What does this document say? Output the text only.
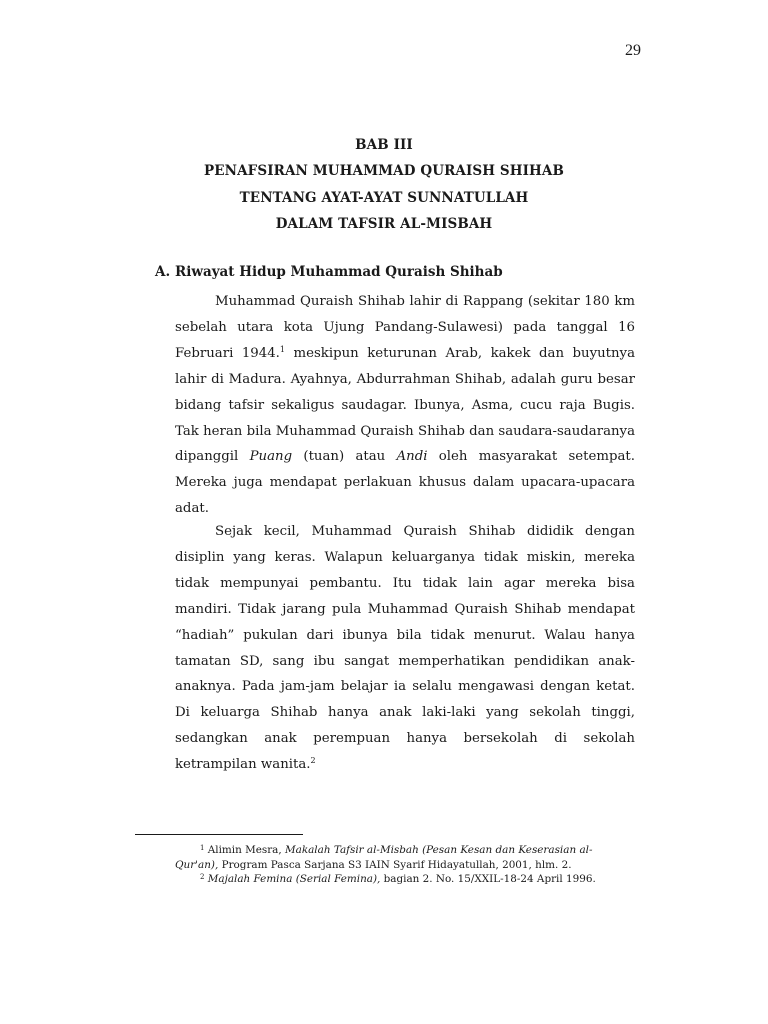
29
BAB III
PENAFSIRAN MUHAMMAD QURAISH SHIHAB
TENTANG AYAT-AYAT SUNNATULLAH
DALAM TAFSIR AL-MISBAH
A. Riwayat Hidup Muhammad Quraish Shihab

Muhammad Quraish Shihab lahir di Rappang (sekitar 180 km sebelah utara kota Ujung Pandang-Sulawesi) pada tanggal 16 Februari 1944.$^1$ meskipun keturunan Arab, kakek dan buyutnya lahir di Madura. Ayahnya, Abdurrahman Shihab, adalah guru besar bidang tafsir sekaligus saudagar. Ibunya, Asma, cucu raja Bugis. Tak heran bila Muhammad Quraish Shihab dan saudara-saudaranya dipanggil Puang (tuan) atau Andi oleh masyarakat setempat. Mereka juga mendapat perlakuan khusus dalam upacara-upacara adat.

Sejak kecil, Muhammad Quraish Shihab dididik dengan disiplin yang keras. Walapun keluarganya tidak miskin, mereka tidak mempunyai pembantu. Itu tidak lain agar mereka bisa mandiri. Tidak jarang pula Muhammad Quraish Shihab mendapat “hadiah” pukulan dari ibunya bila tidak menurut. Walau hanya tamatan SD, sang ibu sangat memperhatikan pendidikan anak-anaknya. Pada jam-jam belajar ia selalu mengawasi dengan ketat. Di keluarga Shihab hanya anak laki-laki yang sekolah tinggi, sedangkan anak perempuan hanya bersekolah di sekolah ketrampilan wanita.$^2$

$^1$ Alimin Mesra, Makalah Tafsir al-Misbah (Pesan Kesan dan Keserasian al-Qur'an), Program Pasca Sarjana S3 IAIN Syarif Hidayatullah, 2001, hlm. 2.
$^2$ Majalah Femina (Serial Femina), bagian 2. No. 15/XXIL-18-24 April 1996.
